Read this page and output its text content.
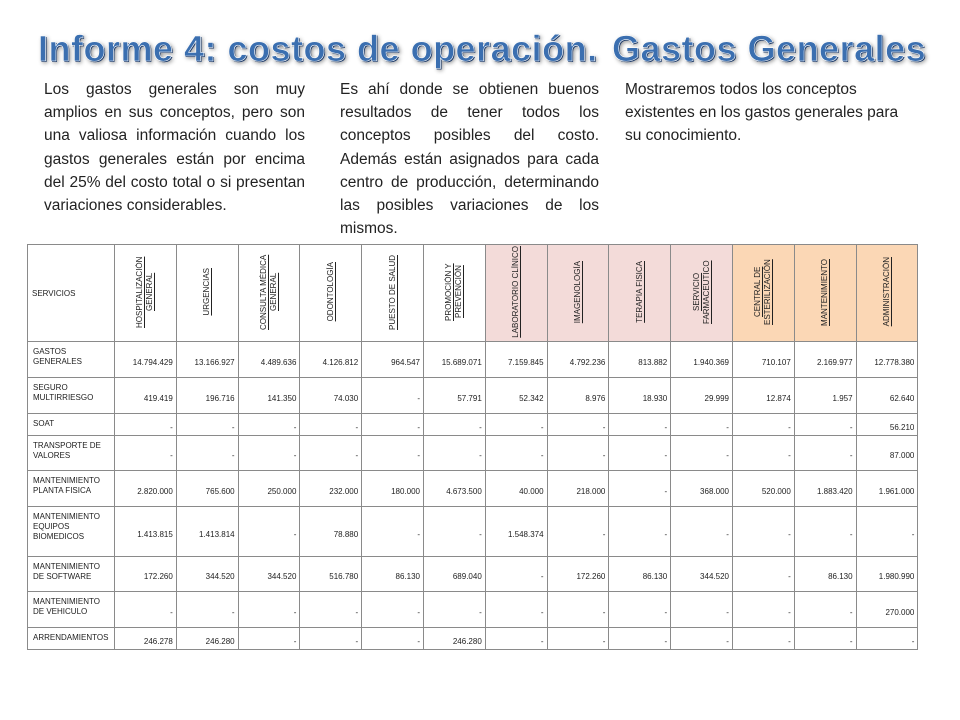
Informe 4: costos de operación. Gastos Generales
Los gastos generales son muy amplios en sus conceptos, pero son una valiosa información cuando los gastos generales están por encima del 25% del costo total o si presentan variaciones considerables.
Es ahí donde se obtienen buenos resultados de tener todos los conceptos posibles del costo. Además están asignados para cada centro de producción, determinando las posibles variaciones de los mismos.
Mostraremos todos los conceptos existentes en los gastos generales para su conocimiento.
SERVICIOS	HOSPITALIZACIÓN GENERAL	URGENCIAS	CONSULTA MÉDICA GENERAL	ODONTOLOGÍA	PUESTO DE SALUD	PROMOCIÓN Y PREVENCIÓN	LABORATORIO CLÍNICO	IMAGENOLOGÍA	TERAPIA FISICA	SERVICIO FARMACEUTICO	CENTRAL DE ESTERILIZACIÓN	MANTENIMIENTO	ADMINISTRACIÓN
GASTOS GENERALES	14.794.429	13.166.927	4.489.636	4.126.812	964.547	15.689.071	7.159.845	4.792.236	813.882	1.940.369	710.107	2.169.977	12.778.380
SEGURO MULTIRRIESGO	419.419	196.716	141.350	74.030	-	57.791	52.342	8.976	18.930	29.999	12.874	1.957	62.640
SOAT	-	-	-	-	-	-	-	-	-	-	-	-	56.210
TRANSPORTE DE VALORES	-	-	-	-	-	-	-	-	-	-	-	-	87.000
MANTENIMIENTO PLANTA FISICA	2.820.000	765.600	250.000	232.000	180.000	4.673.500	40.000	218.000	-	368.000	520.000	1.883.420	1.961.000
MANTENIMIENTO EQUIPOS BIOMEDICOS	1.413.815	1.413.814	-	78.880	-	-	1.548.374	-	-	-	-	-	-
MANTENIMIENTO DE SOFTWARE	172.260	344.520	344.520	516.780	86.130	689.040	-	172.260	86.130	344.520	-	86.130	1.980.990
MANTENIMIENTO DE VEHICULO	-	-	-	-	-	-	-	-	-	-	-	-	270.000
ARRENDAMIENTOS	246.278	246.280	-	-	-	246.280	-	-	-	-	-	-	-
